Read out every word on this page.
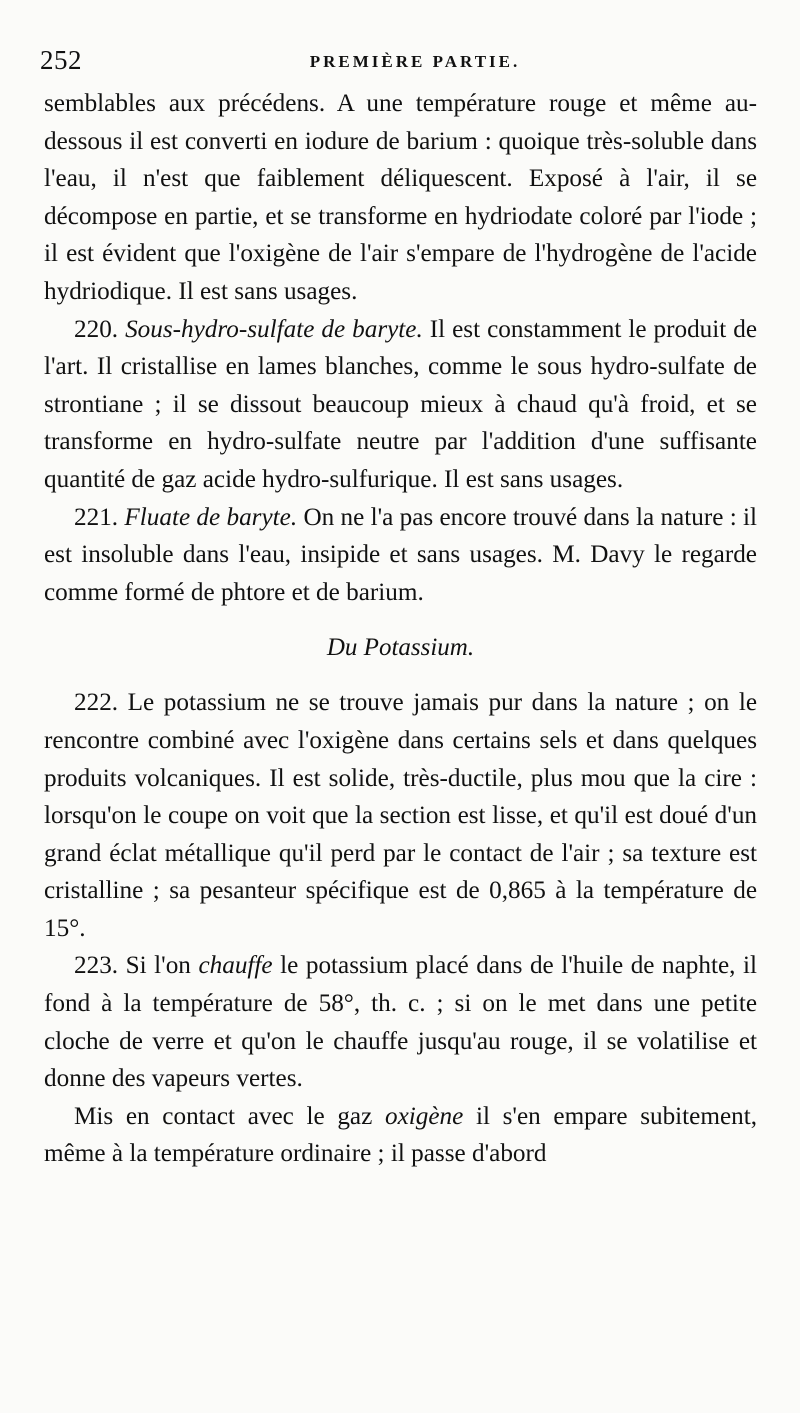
252	PREMIÈRE PARTIE.

semblables aux précédens. A une température rouge et même au-dessous il est converti en iodure de barium : quoique très-soluble dans l'eau, il n'est que faiblement déliquescent. Exposé à l'air, il se décompose en partie, et se transforme en hydriodate coloré par l'iode ; il est évident que l'oxigène de l'air s'empare de l'hydrogène de l'acide hydriodique. Il est sans usages.

220. Sous-hydro-sulfate de baryte. Il est constamment le produit de l'art. Il cristallise en lames blanches, comme le sous hydro-sulfate de strontiane ; il se dissout beaucoup mieux à chaud qu'à froid, et se transforme en hydro-sulfate neutre par l'addition d'une suffisante quantité de gaz acide hydro-sulfurique. Il est sans usages.

221. Fluate de baryte. On ne l'a pas encore trouvé dans la nature : il est insoluble dans l'eau, insipide et sans usages. M. Davy le regarde comme formé de phtore et de barium.

Du Potassium.

222. Le potassium ne se trouve jamais pur dans la nature ; on le rencontre combiné avec l'oxigène dans certains sels et dans quelques produits volcaniques. Il est solide, très-ductile, plus mou que la cire : lorsqu'on le coupe on voit que la section est lisse, et qu'il est doué d'un grand éclat métallique qu'il perd par le contact de l'air ; sa texture est cristalline ; sa pesanteur spécifique est de 0,865 à la température de 15°.

223. Si l'on chauffe le potassium placé dans de l'huile de naphte, il fond à la température de 58°, th. c. ; si on le met dans une petite cloche de verre et qu'on le chauffe jusqu'au rouge, il se volatilise et donne des vapeurs vertes.

Mis en contact avec le gaz oxigène il s'en empare subitement, même à la température ordinaire ; il passe d'abord
